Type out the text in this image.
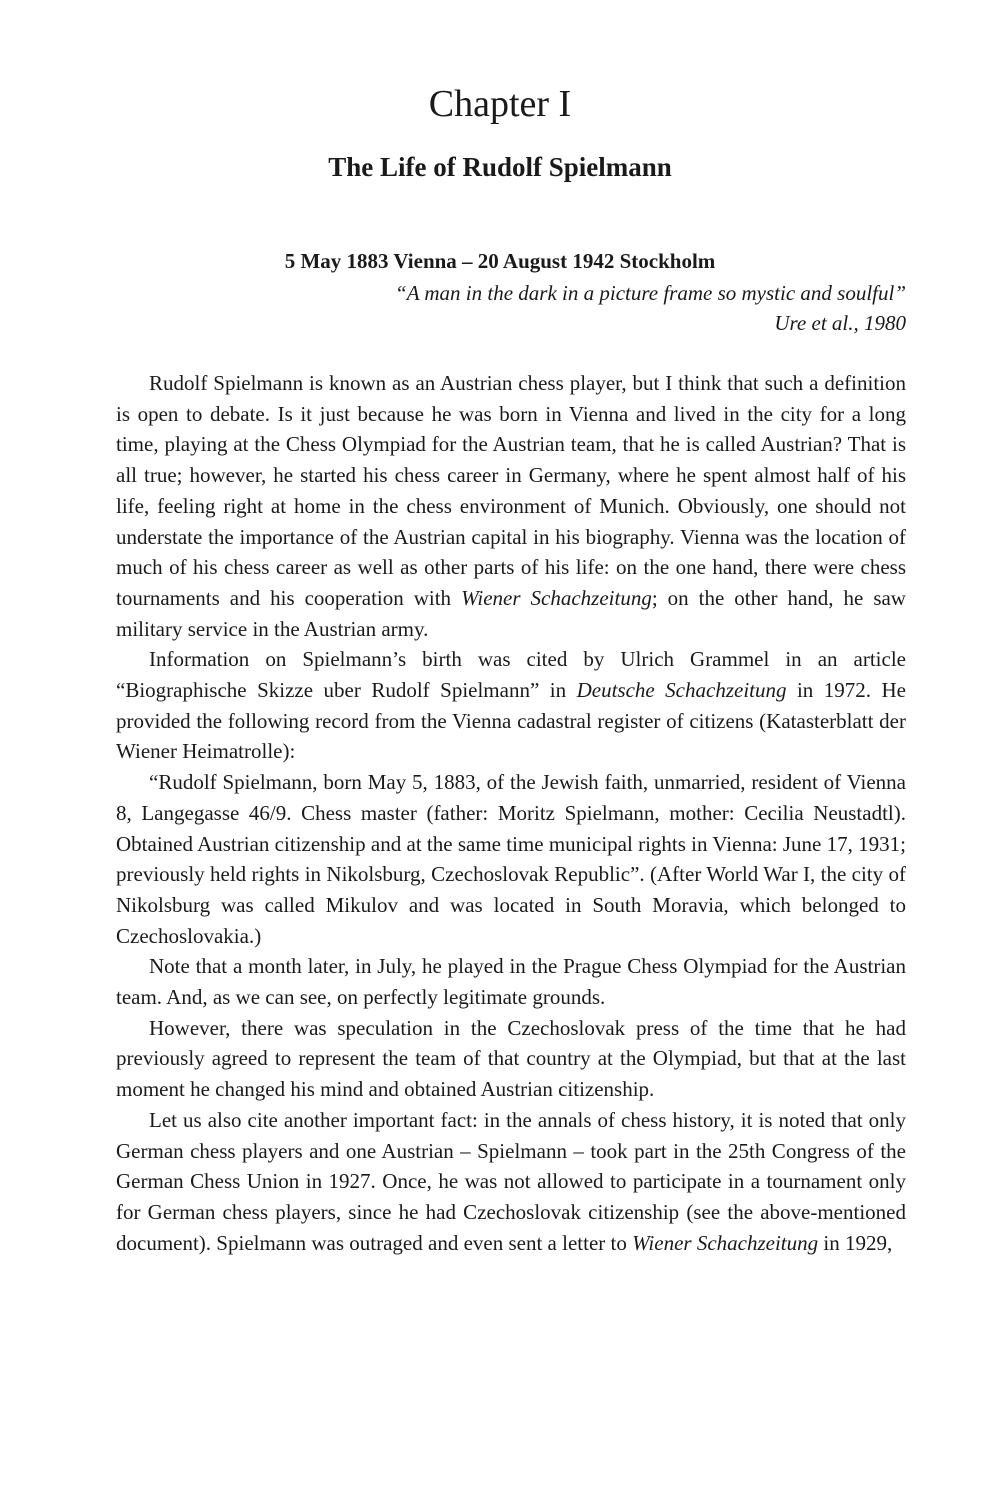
Chapter I
The Life of Rudolf Spielmann
5 May 1883 Vienna – 20 August 1942 Stockholm
“A man in the dark in a picture frame so mystic and soulful”
Ure et al., 1980

Rudolf Spielmann is known as an Austrian chess player, but I think that such a definition is open to debate. Is it just because he was born in Vienna and lived in the city for a long time, playing at the Chess Olympiad for the Austrian team, that he is called Austrian? That is all true; however, he started his chess career in Germany, where he spent almost half of his life, feeling right at home in the chess environment of Munich. Obviously, one should not understate the importance of the Austrian capital in his biography. Vienna was the location of much of his chess career as well as other parts of his life: on the one hand, there were chess tournaments and his cooperation with Wiener Schachzeitung; on the other hand, he saw military service in the Austrian army.

Information on Spielmann’s birth was cited by Ulrich Grammel in an article “Biographische Skizze uber Rudolf Spielmann” in Deutsche Schachzeitung in 1972. He provided the following record from the Vienna cadastral register of citizens (Katasterblatt der Wiener Heimatrolle):

“Rudolf Spielmann, born May 5, 1883, of the Jewish faith, unmarried, resident of Vienna 8, Langegasse 46/9. Chess master (father: Moritz Spielmann, mother: Cecilia Neustadtl). Obtained Austrian citizenship and at the same time municipal rights in Vienna: June 17, 1931; previously held rights in Nikolsburg, Czechoslovak Republic”. (After World War I, the city of Nikolsburg was called Mikulov and was located in South Moravia, which belonged to Czechoslovakia.)

Note that a month later, in July, he played in the Prague Chess Olympiad for the Austrian team. And, as we can see, on perfectly legitimate grounds.

However, there was speculation in the Czechoslovak press of the time that he had previously agreed to represent the team of that country at the Olympiad, but that at the last moment he changed his mind and obtained Austrian citizenship.

Let us also cite another important fact: in the annals of chess history, it is noted that only German chess players and one Austrian – Spielmann – took part in the 25th Congress of the German Chess Union in 1927. Once, he was not allowed to participate in a tournament only for German chess players, since he had Czechoslovak citizenship (see the above-mentioned document). Spielmann was outraged and even sent a letter to Wiener Schachzeitung in 1929,
